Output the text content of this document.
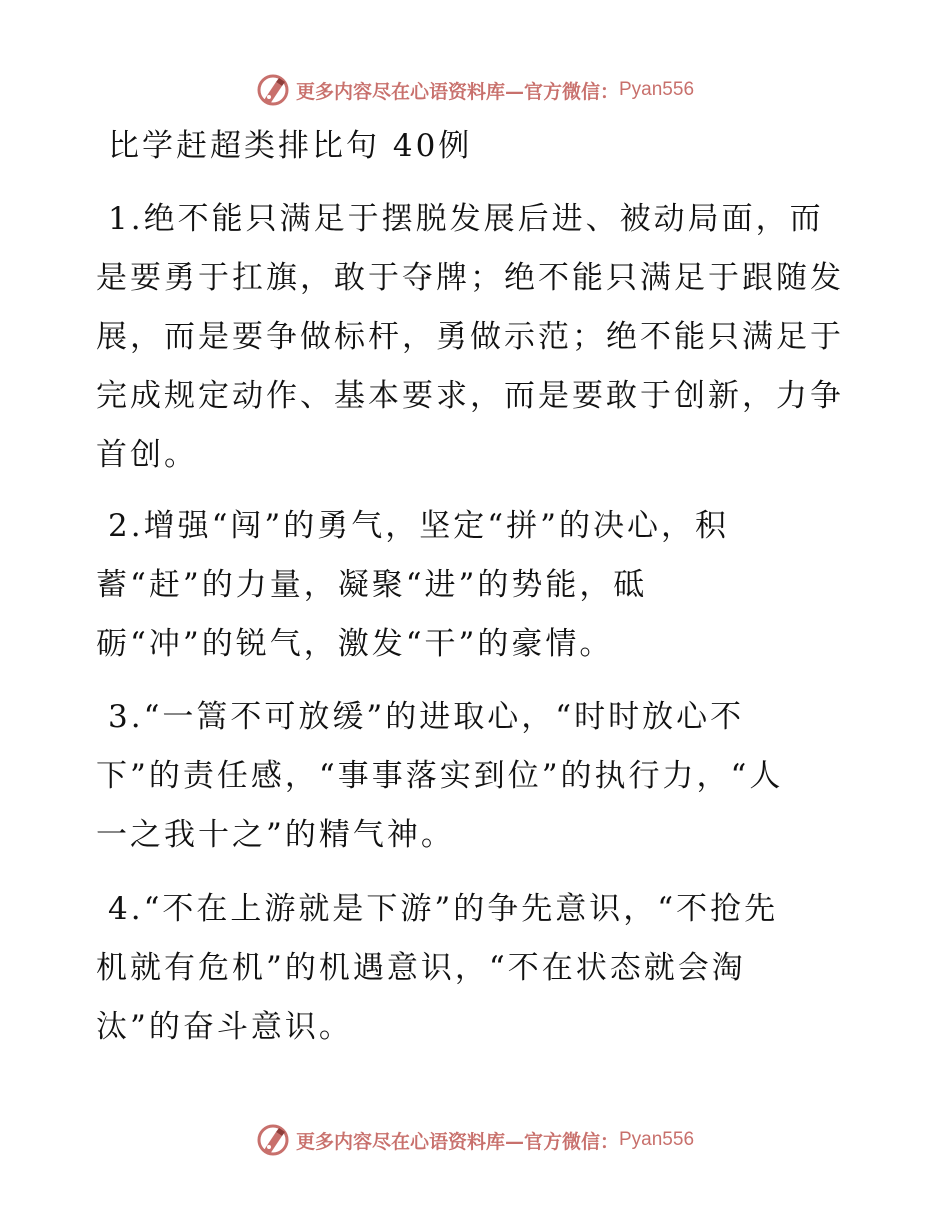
更多内容尽在心语资料库—官方微信： Pyan556
比学赶超类排比句 40例
1.绝不能只满足于摆脱发展后进、被动局面，而
是要勇于扛旗，敢于夺牌；绝不能只满足于跟随发
展，而是要争做标杆，勇做示范；绝不能只满足于
完成规定动作、基本要求，而是要敢于创新，力争
首创。
2.增强“闯”的勇气，坚定“拼”的决心，积
蓄“赶”的力量，凝聚“进”的势能，砥
砺“冲”的锐气，激发“干”的豪情。
3.“一篙不可放缓”的进取心，“时时放心不
下”的责任感，“事事落实到位”的执行力，“人
一之我十之”的精气神。
4.“不在上游就是下游”的争先意识，“不抢先
机就有危机”的机遇意识，“不在状态就会淘
汰”的奋斗意识。
更多内容尽在心语资料库—官方微信： Pyan556
